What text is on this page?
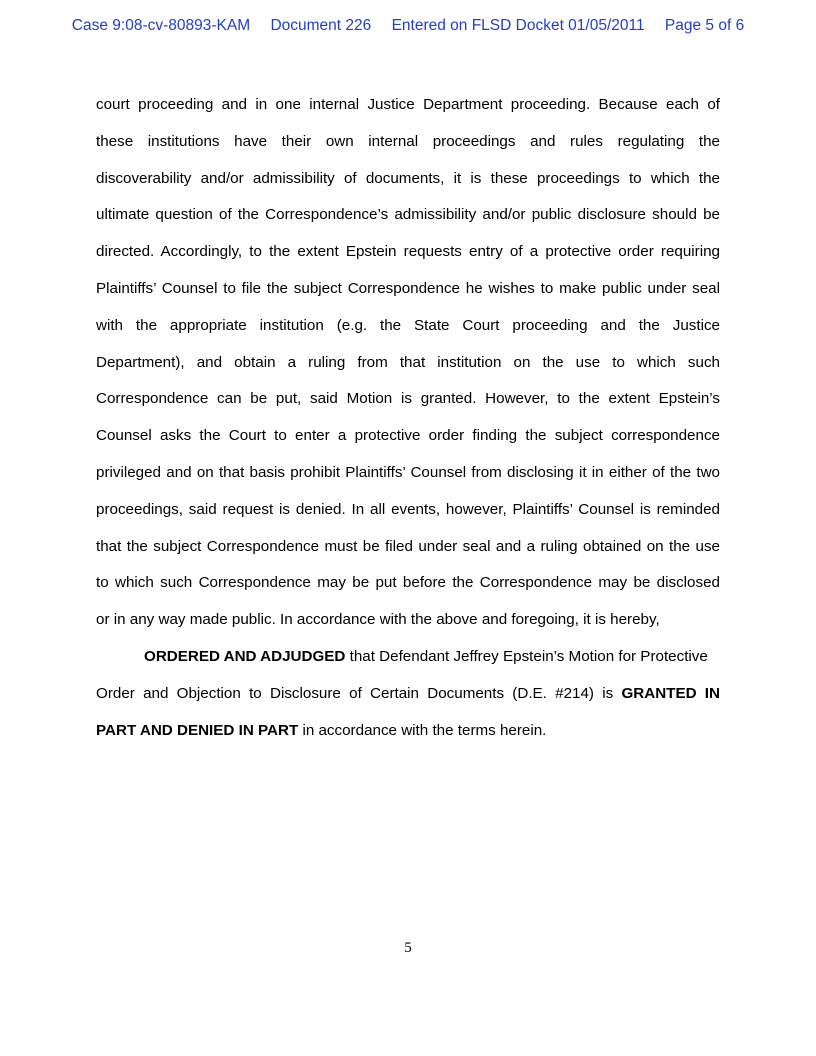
Case 9:08-cv-80893-KAM Document 226 Entered on FLSD Docket 01/05/2011 Page 5 of 6
court proceeding and in one internal Justice Department proceeding. Because each of
these institutions have their own internal proceedings and rules regulating the
discoverability and/or admissibility of documents, it is these proceedings to which the
ultimate question of the Correspondence’s admissibility and/or public disclosure should be
directed. Accordingly, to the extent Epstein requests entry of a protective order requiring
Plaintiffs’ Counsel to file the subject Correspondence he wishes to make public under seal
with the appropriate institution (e.g. the State Court proceeding and the Justice
Department), and obtain a ruling from that institution on the use to which such
Correspondence can be put, said Motion is granted. However, to the extent Epstein’s
Counsel asks the Court to enter a protective order finding the subject correspondence
privileged and on that basis prohibit Plaintiffs’ Counsel from disclosing it in either of the two
proceedings, said request is denied. In all events, however, Plaintiffs’ Counsel is reminded
that the subject Correspondence must be filed under seal and a ruling obtained on the use
to which such Correspondence may be put before the Correspondence may be disclosed
or in any way made public. In accordance with the above and foregoing, it is hereby,
ORDERED AND ADJUDGED that Defendant Jeffrey Epstein’s Motion for Protective
Order and Objection to Disclosure of Certain Documents (D.E. #214) is GRANTED IN
PART AND DENIED IN PART in accordance with the terms herein.
5
